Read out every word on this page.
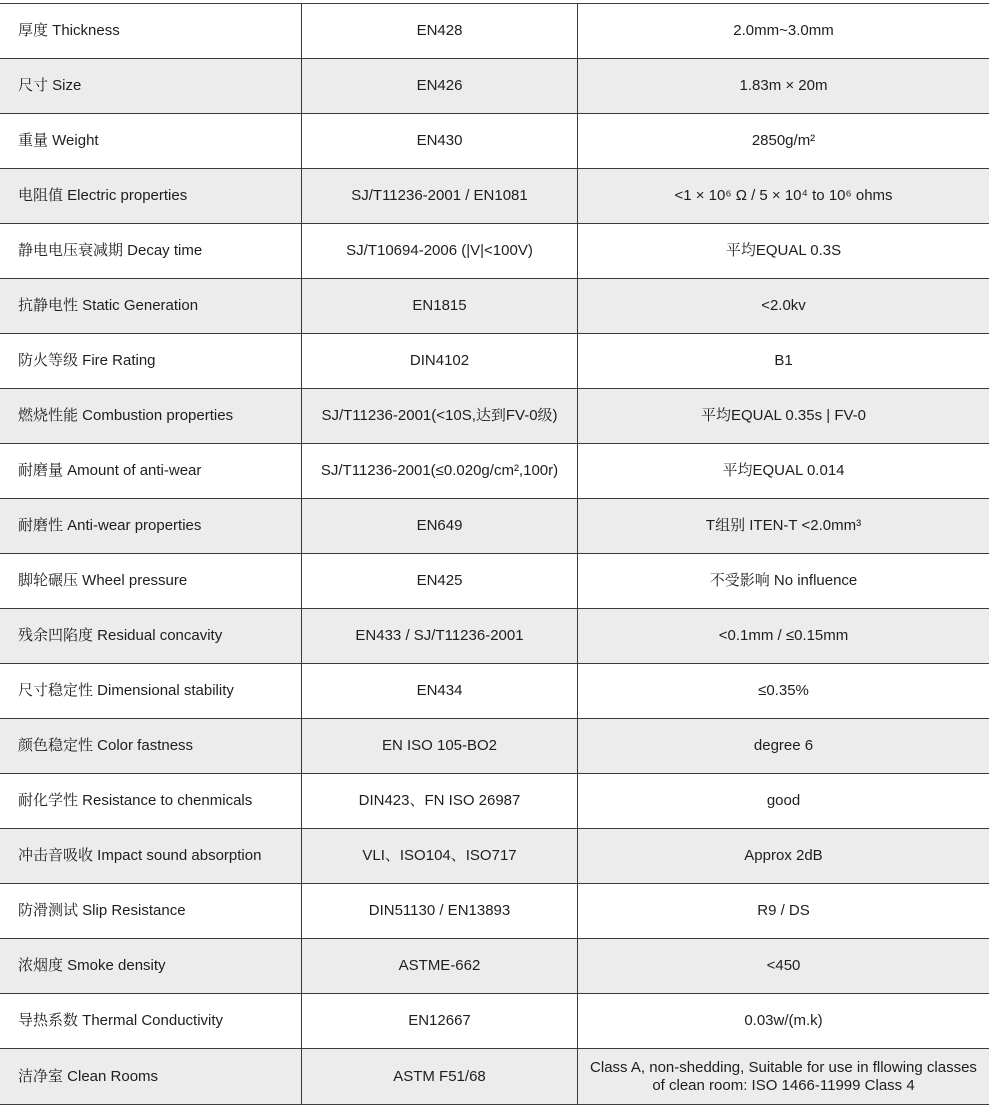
厚度 Thickness	EN428	2.0mm~3.0mm
尺寸 Size	EN426	1.83m × 20m
重量 Weight	EN430	2850g/m²
电阻值 Electric properties	SJ/T11236-2001 / EN1081	<1 × 10⁶ Ω / 5 × 10⁴ to 10⁶ ohms
静电电压衰减期 Decay time	SJ/T10694-2006 (|V|<100V)	平均EQUAL 0.3S
抗静电性 Static Generation	EN1815	<2.0kv
防火等级 Fire Rating	DIN4102	B1
燃烧性能 Combustion properties	SJ/T11236-2001(<10S,达到FV-0级)	平均EQUAL 0.35s | FV-0
耐磨量 Amount of anti-wear	SJ/T11236-2001(≤0.020g/cm²,100r)	平均EQUAL 0.014
耐磨性 Anti-wear properties	EN649	T组别 ITEN-T <2.0mm³
脚轮碾压 Wheel pressure	EN425	不受影响 No influence
残余凹陷度 Residual concavity	EN433 / SJ/T11236-2001	<0.1mm / ≤0.15mm
尺寸稳定性 Dimensional stability	EN434	≤0.35%
颜色稳定性 Color fastness	EN ISO 105-BO2	degree 6
耐化学性 Resistance to chenmicals	DIN423、FN ISO 26987	good
冲击音吸收 Impact sound absorption	VLI、ISO104、ISO717	Approx 2dB
防滑测试 Slip Resistance	DIN51130 / EN13893	R9 / DS
浓烟度 Smoke density	ASTME-662	<450
导热系数 Thermal Conductivity	EN12667	0.03w/(m.k)
洁净室 Clean Rooms	ASTM F51/68	Class A, non-shedding, Suitable for use in fllowing classes of clean room: ISO 1466-11999 Class 4
